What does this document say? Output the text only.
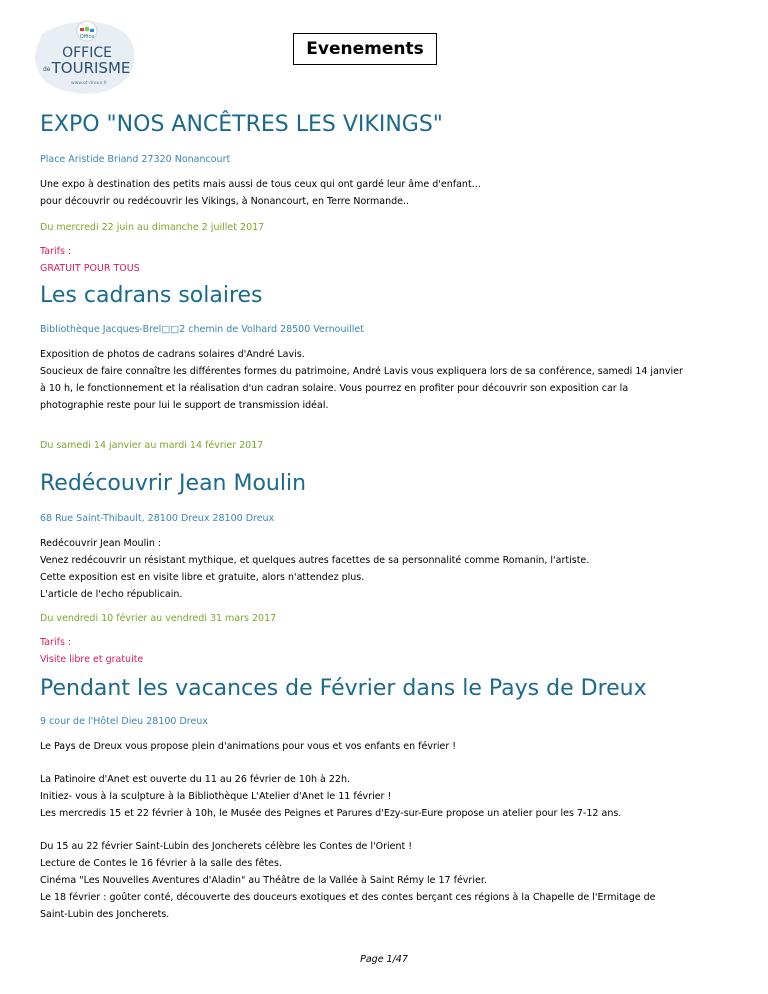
Office
OFFICE
de TOURISME
www.ot-dreux.fr
Evenements
EXPO "NOS ANCÊTRES LES VIKINGS"
Place Aristide Briand 27320 Nonancourt
Une expo à destination des petits mais aussi de tous ceux qui ont gardé leur âme d'enfant...
pour découvrir ou redécouvrir les Vikings, à Nonancourt, en Terre Normande..
Du mercredi 22 juin au dimanche 2 juillet 2017
Tarifs :
GRATUIT POUR TOUS
Les cadrans solaires
Bibliothèque Jacques-Brel□□2 chemin de Volhard 28500 Vernouillet
Exposition de photos de cadrans solaires d'André Lavis.
Soucieux de faire connaître les différentes formes du patrimoine, André Lavis vous expliquera lors de sa conférence, samedi 14 janvier
à 10 h, le fonctionnement et la réalisation d'un cadran solaire. Vous pourrez en profiter pour découvrir son exposition car la
photographie reste pour lui le support de transmission idéal.
Du samedi 14 janvier au mardi 14 février 2017
Redécouvrir Jean Moulin
68 Rue Saint-Thibault, 28100 Dreux 28100 Dreux
Redécouvrir Jean Moulin :
Venez redécouvrir un résistant mythique, et quelques autres facettes de sa personnalité comme Romanin, l'artiste.
Cette exposition est en visite libre et gratuite, alors n'attendez plus.
L'article de l'echo républicain.
Du vendredi 10 février au vendredi 31 mars 2017
Tarifs :
Visite libre et gratuite
Pendant les vacances de Février dans le Pays de Dreux
9 cour de l'Hôtel Dieu 28100 Dreux
Le Pays de Dreux vous propose plein d'animations pour vous et vos enfants en février !
La Patinoire d'Anet est ouverte du 11 au 26 février de 10h à 22h.
Initiez- vous à la sculpture à la Bibliothèque L'Atelier d'Anet le 11 février !
Les mercredis 15 et 22 février à 10h, le Musée des Peignes et Parures d'Ezy-sur-Eure propose un atelier pour les 7-12 ans.
Du 15 au 22 février Saint-Lubin des Joncherets célèbre les Contes de l'Orient !
Lecture de Contes le 16 février à la salle des fêtes.
Cinéma "Les Nouvelles Aventures d'Aladin" au Théâtre de la Vallée à Saint Rémy le 17 février.
Le 18 février : goûter conté, découverte des douceurs exotiques et des contes berçant ces régions à la Chapelle de l'Ermitage de
Saint-Lubin des Joncherets.
Page 1/47
